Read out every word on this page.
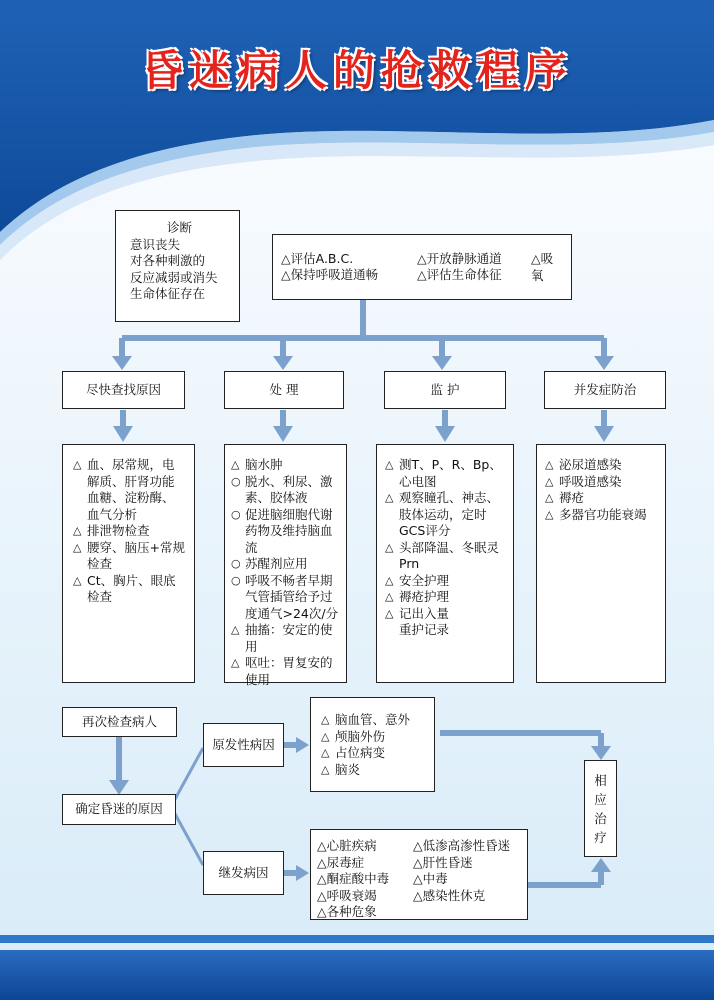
昏迷病人的抢救程序
诊断
意识丧失
对各种刺激的
反应减弱或消失
生命体征存在
△评估A.B.C.	△开放静脉通道 △吸氧
△保持呼吸道通畅	△评估生命体征
尽快查找原因	处 理	监 护	并发症防治
△ 血、尿常规，电解质、肝肾功能血糖、淀粉酶、血气分析
△ 排泄物检查
△ 腰穿、脑压+常规检查
△ Ct、胸片、眼底检查
△ 脑水肿
○ 脱水、利尿、激素、胶体液
○ 促进脑细胞代谢药物及维持脑血流
○ 苏醒剂应用
○ 呼吸不畅者早期气管插管给予过度通气>24次/分
△ 抽搐：安定的使用
△ 呕吐：胃复安的使用
△ 测T、P、R、Bp、心电图
△ 观察瞳孔、神志、肢体运动，定时GCS评分
△ 头部降温、冬眠灵Prn
△ 安全护理
△ 褥疮护理
△ 记出入量
重护记录
△ 泌尿道感染
△ 呼吸道感染
△ 褥疮
△ 多器官功能衰竭
再次检查病人
确定昏迷的原因
原发性病因
△ 脑血管、意外
△ 颅脑外伤
△ 占位病变
△ 脑炎
继发病因
△心脏疾病	△低渗高渗性昏迷
△尿毒症	△肝性昏迷
△酮症酸中毒	△中毒
△呼吸衰竭	△感染性休克
△各种危象
相应治疗
